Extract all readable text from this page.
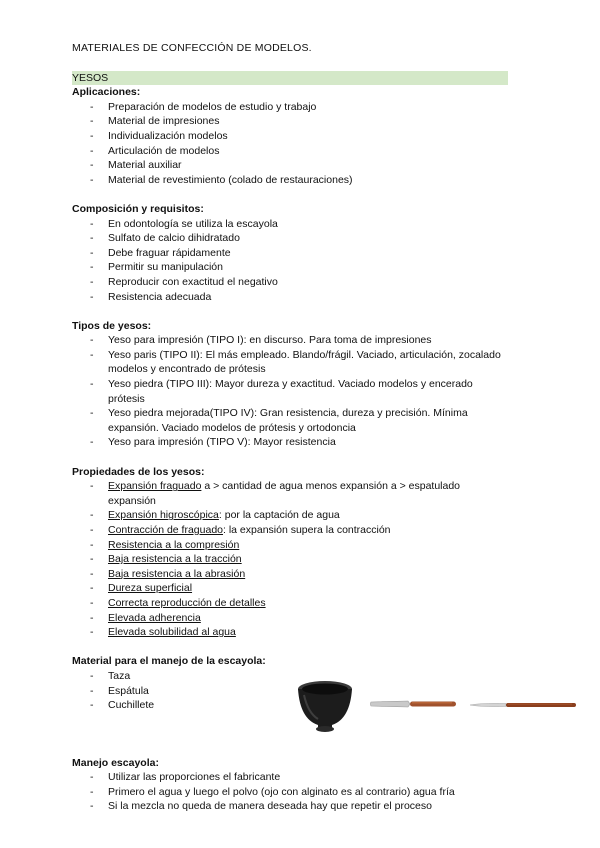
MATERIALES DE CONFECCIÓN DE MODELOS.

YESOS

Aplicaciones:

- Preparación de modelos de estudio y trabajo
- Material de impresiones
- Individualización modelos
- Articulación de modelos
- Material auxiliar
- Material de revestimiento (colado de restauraciones)

Composición y requisitos:

- En odontología se utiliza la escayola
- Sulfato de calcio dihidratado
- Debe fraguar rápidamente
- Permitir su manipulación
- Reproducir con exactitud el negativo
- Resistencia adecuada

Tipos de yesos:

- Yeso para impresión (TIPO I): en discurso. Para toma de impresiones
- Yeso paris (TIPO II): El más empleado. Blando/frágil. Vaciado, articulación, zocalado modelos y encontrado de prótesis
- Yeso piedra (TIPO III): Mayor dureza y exactitud. Vaciado modelos y encerado prótesis
- Yeso piedra mejorada(TIPO IV): Gran resistencia, dureza y precisión. Mínima expansión. Vaciado modelos de prótesis y ortodoncia
- Yeso para impresión (TIPO V): Mayor resistencia

Propiedades de los yesos:

- Expansión fraguado a > cantidad de agua menos expansión a > espatulado expansión
- Expansión higroscópica: por la captación de agua
- Contracción de fraguado: la expansión supera la contracción
- Resistencia a la compresión
- Baja resistencia a la tracción
- Baja resistencia a la abrasión
- Dureza superficial
- Correcta reproducción de detalles
- Elevada adherencia
- Elevada solubilidad al agua

Material para el manejo de la escayola:

- Taza
- Espátula
- Cuchillete

Manejo escayola:

- Utilizar las proporciones el fabricante
- Primero el agua y luego el polvo (ojo con alginato es al contrario) agua fría
- Si la mezcla no queda de manera deseada hay que repetir el proceso
